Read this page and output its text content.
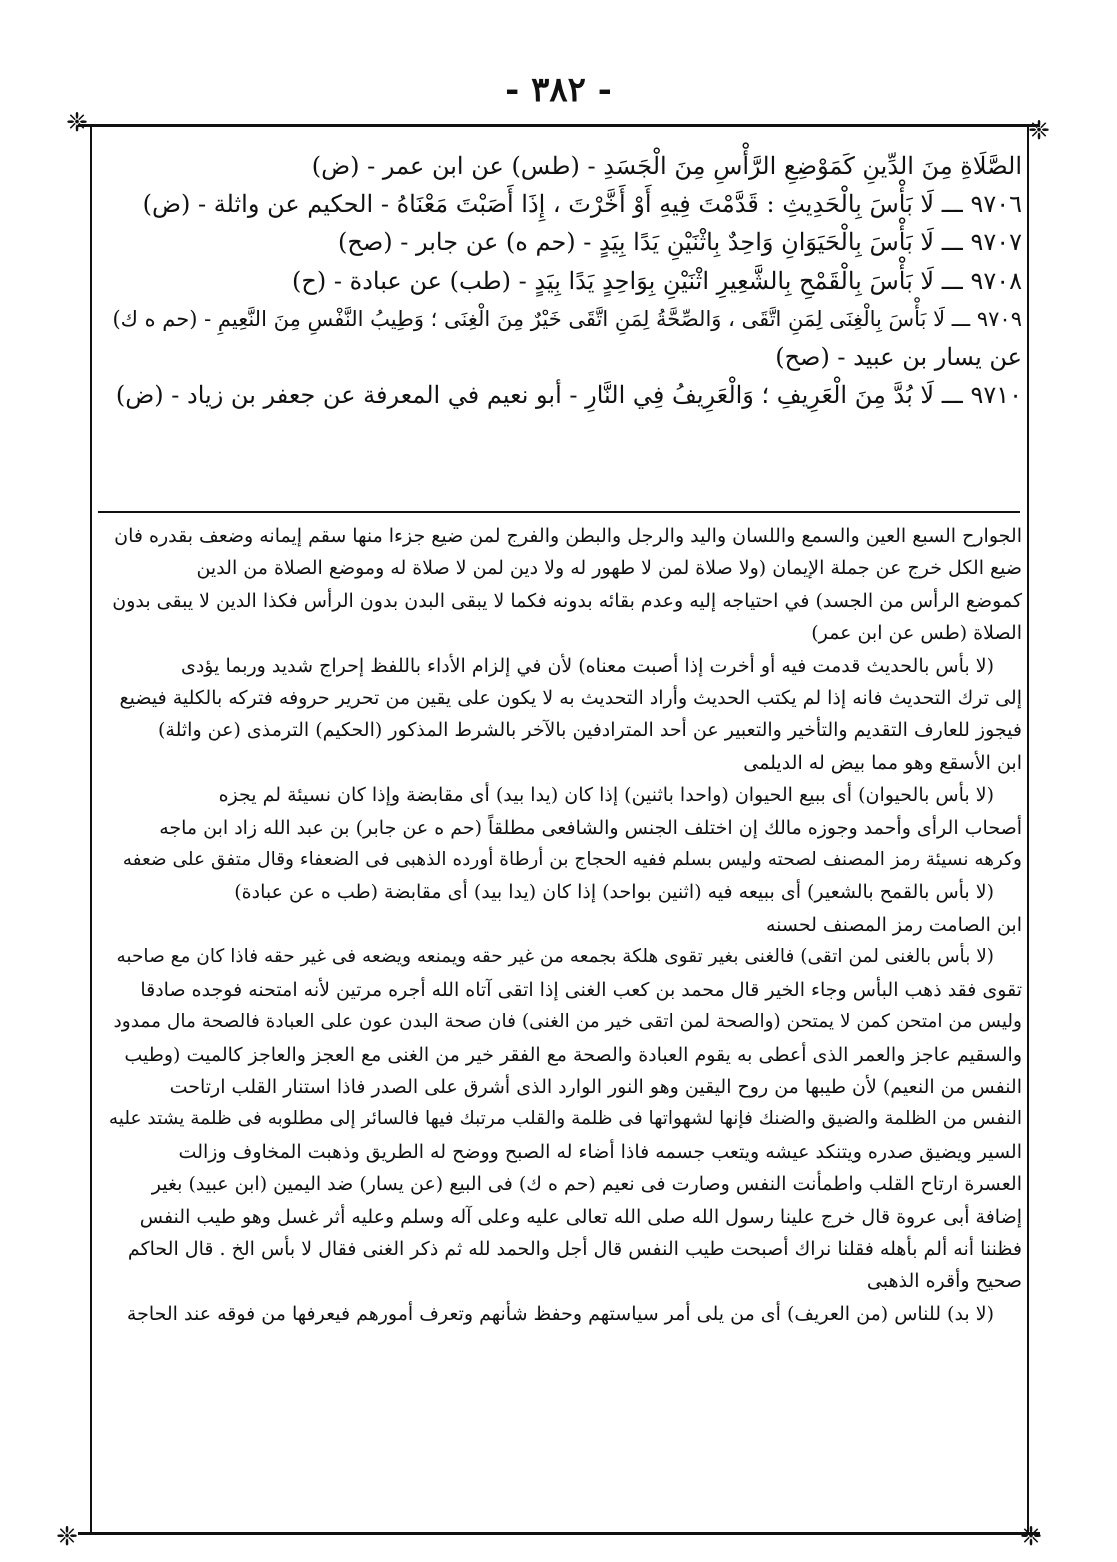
- ٣٨٢ -
❈	❈
❈	❈

الصَّلَاةِ مِنَ الدِّينِ كَمَوْضِعِ الرَّأْسِ مِنَ الْجَسَدِ - (طس) عن ابن عمر - (ض)

٩٧٠٦ ـــ لَا بَأْسَ بِالْحَدِيثِ : قَدَّمْتَ فِيهِ أَوْ أَخَّرْتَ ، إِذَا أَصَبْتَ مَعْنَاهُ - الحكيم عن واثلة - (ض)

٩٧٠٧ ـــ لَا بَأْسَ بِالْحَيَوَانِ وَاحِدٌ بِاثْنَيْنِ يَدًا بِيَدٍ - (حم ه) عن جابر - (صح)

٩٧٠٨ ـــ لَا بَأْسَ بِالْقَمْحِ بِالشَّعِيرِ اثْنَيْنِ بِوَاحِدٍ يَدًا بِيَدٍ - (طب) عن عبادة - (ح)

٩٧٠٩ ـــ لَا بَأْسَ بِالْغِنَى لِمَنِ اتَّقَى ، وَالصِّحَّةُ لِمَنِ اتَّقَى خَيْرٌ مِنَ الْغِنَى ؛ وَطِيبُ النَّفْسِ مِنَ النَّعِيمِ - (حم ه ك)

عن يسار بن عبيد - (صح)

٩٧١٠ ـــ لَا بُدَّ مِنَ الْعَرِيفِ ؛ وَالْعَرِيفُ فِي النَّارِ - أبو نعيم في المعرفة عن جعفر بن زياد - (ض)

الجوارح السبع العين والسمع واللسان واليد والرجل والبطن والفرج لمن ضيع جزءا منها سقم إيمانه وضعف بقدره فان

ضيع الكل خرج عن جملة الإيمان (ولا صلاة لمن لا طهور له ولا دين لمن لا صلاة له وموضع الصلاة من الدين

كموضع الرأس من الجسد) في احتياجه إليه وعدم بقائه بدونه فكما لا يبقى البدن بدون الرأس فكذا الدين لا يبقى بدون

الصلاة (طس عن ابن عمر)

(لا بأس بالحديث قدمت فيه أو أخرت إذا أصبت معناه) لأن في إلزام الأداء باللفظ إحراج شديد وربما يؤدى

إلى ترك التحديث فانه إذا لم يكتب الحديث وأراد التحديث به لا يكون على يقين من تحرير حروفه فتركه بالكلية فيضيع

فيجوز للعارف التقديم والتأخير والتعبير عن أحد المترادفين بالآخر بالشرط المذكور (الحكيم) الترمذى (عن واثلة)

ابن الأسقع وهو مما بيض له الديلمى

(لا بأس بالحيوان) أى ببيع الحيوان (واحدا باثنين) إذا كان (يدا بيد) أى مقابضة وإذا كان نسيئة لم يجزه

أصحاب الرأى وأحمد وجوزه مالك إن اختلف الجنس والشافعى مطلقاً (حم ه عن جابر) بن عبد الله زاد ابن ماجه

وكرهه نسيئة رمز المصنف لصحته وليس بسلم ففيه الحجاج بن أرطاة أورده الذهبى فى الضعفاء وقال متفق على ضعفه

(لا بأس بالقمح بالشعير) أى ببيعه فيه (اثنين بواحد) إذا كان (يدا بيد) أى مقابضة (طب ه عن عبادة)

ابن الصامت رمز المصنف لحسنه

(لا بأس بالغنى لمن اتقى) فالغنى بغير تقوى هلكة بجمعه من غير حقه ويمنعه ويضعه فى غير حقه فاذا كان مع صاحبه

تقوى فقد ذهب البأس وجاء الخير قال محمد بن كعب الغنى إذا اتقى آتاه الله أجره مرتين لأنه امتحنه فوجده صادقا

وليس من امتحن كمن لا يمتحن (والصحة لمن اتقى خير من الغنى) فان صحة البدن عون على العبادة فالصحة مال ممدود

والسقيم عاجز والعمر الذى أعطى به يقوم العبادة والصحة مع الفقر خير من الغنى مع العجز والعاجز كالميت (وطيب

النفس من النعيم) لأن طيبها من روح اليقين وهو النور الوارد الذى أشرق على الصدر فاذا استنار القلب ارتاحت

النفس من الظلمة والضيق والضنك فإنها لشهواتها فى ظلمة والقلب مرتبك فيها فالسائر إلى مطلوبه فى ظلمة يشتد عليه

السير ويضيق صدره ويتنكد عيشه ويتعب جسمه فاذا أضاء له الصبح ووضح له الطريق وذهبت المخاوف وزالت

العسرة ارتاح القلب واطمأنت النفس وصارت فى نعيم (حم ه ك) فى البيع (عن يسار) ضد اليمين (ابن عبيد) بغير

إضافة أبى عروة قال خرج علينا رسول الله صلى الله تعالى عليه وعلى آله وسلم وعليه أثر غسل وهو طيب النفس

فظننا أنه ألم بأهله فقلنا نراك أصبحت طيب النفس قال أجل والحمد لله ثم ذكر الغنى فقال لا بأس الخ . قال الحاكم

صحيح وأقره الذهبى

(لا بد) للناس (من العريف) أى من يلى أمر سياستهم وحفظ شأنهم وتعرف أمورهم فيعرفها من فوقه عند الحاجة
